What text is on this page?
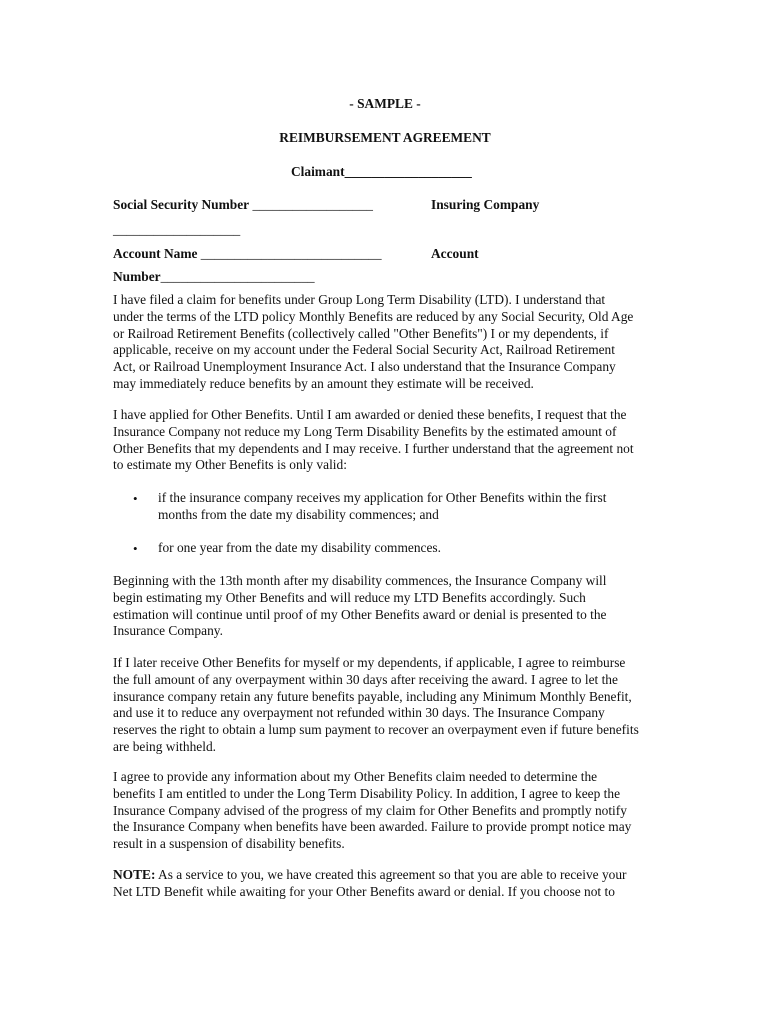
- SAMPLE -
REIMBURSEMENT AGREEMENT
Claimant___________________
Social Security Number __________________	Insuring Company
___________________
Account Name ___________________________	Account
Number_______________________
I have filed a claim for benefits under Group Long Term Disability (LTD). I understand that
under the terms of the LTD policy Monthly Benefits are reduced by any Social Security, Old Age
or Railroad Retirement Benefits (collectively called "Other Benefits") I or my dependents, if
applicable, receive on my account under the Federal Social Security Act, Railroad Retirement
Act, or Railroad Unemployment Insurance Act. I also understand that the Insurance Company
may immediately reduce benefits by an amount they estimate will be received.
I have applied for Other Benefits. Until I am awarded or denied these benefits, I request that the
Insurance Company not reduce my Long Term Disability Benefits by the estimated amount of
Other Benefits that my dependents and I may receive. I further understand that the agreement not
to estimate my Other Benefits is only valid:
• if the insurance company receives my application for Other Benefits within the first
months from the date my disability commences; and
• for one year from the date my disability commences.
Beginning with the 13th month after my disability commences, the Insurance Company will
begin estimating my Other Benefits and will reduce my LTD Benefits accordingly. Such
estimation will continue until proof of my Other Benefits award or denial is presented to the
Insurance Company.
If I later receive Other Benefits for myself or my dependents, if applicable, I agree to reimburse
the full amount of any overpayment within 30 days after receiving the award. I agree to let the
insurance company retain any future benefits payable, including any Minimum Monthly Benefit,
and use it to reduce any overpayment not refunded within 30 days. The Insurance Company
reserves the right to obtain a lump sum payment to recover an overpayment even if future benefits
are being withheld.
I agree to provide any information about my Other Benefits claim needed to determine the
benefits I am entitled to under the Long Term Disability Policy. In addition, I agree to keep the
Insurance Company advised of the progress of my claim for Other Benefits and promptly notify
the Insurance Company when benefits have been awarded. Failure to provide prompt notice may
result in a suspension of disability benefits.
NOTE: As a service to you, we have created this agreement so that you are able to receive your
Net LTD Benefit while awaiting for your Other Benefits award or denial. If you choose not to
